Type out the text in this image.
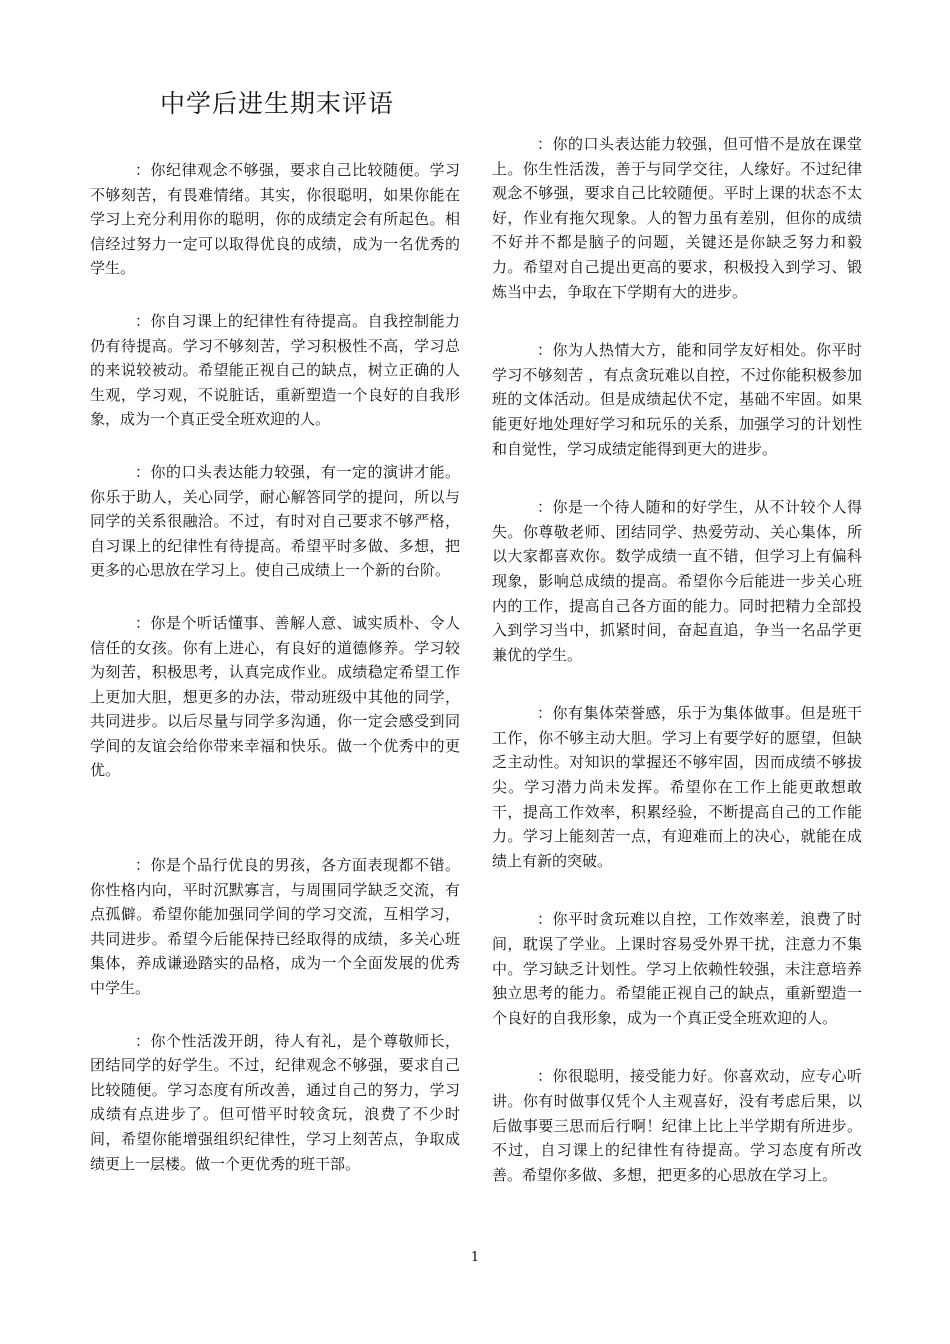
中学后进生期末评语

：你纪律观念不够强，要求自己比较随便。学习不够刻苦，有畏难情绪。其实，你很聪明，如果你能在学习上充分利用你的聪明，你的成绩定会有所起色。相信经过努力一定可以取得优良的成绩，成为一名优秀的学生。

：你自习课上的纪律性有待提高。自我控制能力仍有待提高。学习不够刻苦，学习积极性不高，学习总的来说较被动。希望能正视自己的缺点，树立正确的人生观，学习观，不说脏话，重新塑造一个良好的自我形象，成为一个真正受全班欢迎的人。

：你的口头表达能力较强，有一定的演讲才能。你乐于助人，关心同学，耐心解答同学的提问，所以与同学的关系很融洽。不过，有时对自己要求不够严格，自习课上的纪律性有待提高。希望平时多做、多想，把更多的心思放在学习上。使自己成绩上一个新的台阶。

：你是个听话懂事、善解人意、诚实质朴、令人信任的女孩。你有上进心，有良好的道德修养。学习较为刻苦，积极思考，认真完成作业。成绩稳定希望工作上更加大胆，想更多的办法，带动班级中其他的同学，共同进步。以后尽量与同学多沟通，你一定会感受到同学间的友谊会给你带来幸福和快乐。做一个优秀中的更优。

：你是个品行优良的男孩，各方面表现都不错。你性格内向，平时沉默寡言，与周围同学缺乏交流，有点孤僻。希望你能加强同学间的学习交流，互相学习，共同进步。希望今后能保持已经取得的成绩，多关心班集体，养成谦逊踏实的品格，成为一个全面发展的优秀中学生。

：你个性活泼开朗，待人有礼，是个尊敬师长，团结同学的好学生。不过，纪律观念不够强，要求自己比较随便。学习态度有所改善，通过自己的努力，学习成绩有点进步了。但可惜平时较贪玩，浪费了不少时间，希望你能增强组织纪律性，学习上刻苦点，争取成绩更上一层楼。做一个更优秀的班干部。

：你的口头表达能力较强，但可惜不是放在课堂上。你生性活泼，善于与同学交往，人缘好。不过纪律观念不够强，要求自己比较随便。平时上课的状态不太好，作业有拖欠现象。人的智力虽有差别，但你的成绩不好并不都是脑子的问题，关键还是你缺乏努力和毅力。希望对自己提出更高的要求，积极投入到学习、锻炼当中去，争取在下学期有大的进步。

：你为人热情大方，能和同学友好相处。你平时学习不够刻苦 ，有点贪玩难以自控，不过你能积极参加班的文体活动。但是成绩起伏不定，基础不牢固。如果能更好地处理好学习和玩乐的关系，加强学习的计划性和自觉性，学习成绩定能得到更大的进步。

：你是一个待人随和的好学生，从不计较个人得失。你尊敬老师、团结同学、热爱劳动、关心集体，所以大家都喜欢你。数学成绩一直不错，但学习上有偏科现象，影响总成绩的提高。希望你今后能进一步关心班内的工作，提高自己各方面的能力。同时把精力全部投入到学习当中，抓紧时间，奋起直追，争当一名品学更兼优的学生。

：你有集体荣誉感，乐于为集体做事。但是班干工作，你不够主动大胆。学习上有要学好的愿望，但缺乏主动性。对知识的掌握还不够牢固，因而成绩不够拔尖。学习潜力尚未发挥。希望你在工作上能更敢想敢干，提高工作效率，积累经验，不断提高自己的工作能力。学习上能刻苦一点，有迎难而上的决心，就能在成绩上有新的突破。

：你平时贪玩难以自控，工作效率差，浪费了时间，耽误了学业。上课时容易受外界干扰，注意力不集中。学习缺乏计划性。学习上依赖性较强，未注意培养独立思考的能力。希望能正视自己的缺点，重新塑造一个良好的自我形象，成为一个真正受全班欢迎的人。

：你很聪明，接受能力好。你喜欢动，应专心听讲。你有时做事仅凭个人主观喜好，没有考虑后果，以后做事要三思而后行啊！纪律上比上半学期有所进步。不过，自习课上的纪律性有待提高。学习态度有所改善。希望你多做、多想，把更多的心思放在学习上。

1
